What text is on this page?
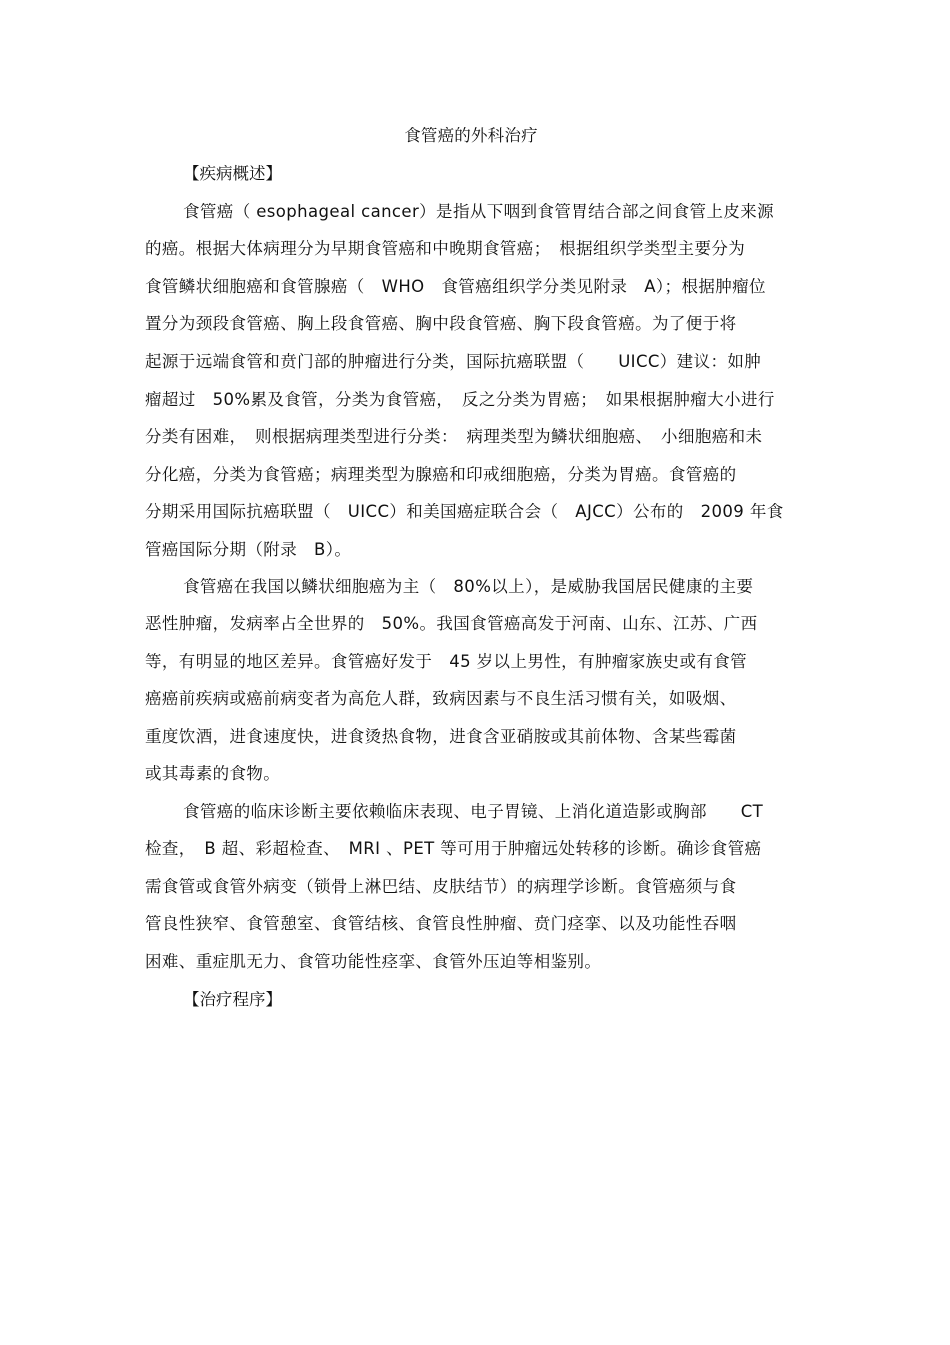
食管癌的外科治疗
【疾病概述】
食管癌（ esophageal cancer）是指从下咽到食管胃结合部之间食管上皮来源
的癌。根据大体病理分为早期食管癌和中晚期食管癌；　根据组织学类型主要分为
食管鳞状细胞癌和食管腺癌（　WHO　食管癌组织学分类见附录　A）；根据肿瘤位
置分为颈段食管癌、胸上段食管癌、胸中段食管癌、胸下段食管癌。为了便于将
起源于远端食管和贲门部的肿瘤进行分类，国际抗癌联盟（　　UICC）建议：如肿
瘤超过　50%累及食管，分类为食管癌，　反之分类为胃癌；　如果根据肿瘤大小进行
分类有困难，　则根据病理类型进行分类：　病理类型为鳞状细胞癌、　小细胞癌和未
分化癌，分类为食管癌；病理类型为腺癌和印戒细胞癌，分类为胃癌。食管癌的
分期采用国际抗癌联盟（　UICC）和美国癌症联合会（　AJCC）公布的　2009 年食
管癌国际分期（附录　B）。
食管癌在我国以鳞状细胞癌为主（　80%以上），是威胁我国居民健康的主要
恶性肿瘤，发病率占全世界的　50%。我国食管癌高发于河南、山东、江苏、广西
等，有明显的地区差异。食管癌好发于　45 岁以上男性，有肿瘤家族史或有食管
癌癌前疾病或癌前病变者为高危人群，致病因素与不良生活习惯有关，如吸烟、
重度饮酒，进食速度快，进食烫热食物，进食含亚硝胺或其前体物、含某些霉菌
或其毒素的食物。
食管癌的临床诊断主要依赖临床表现、电子胃镜、上消化道造影或胸部　　CT
检查，　B 超、彩超检查、　MRI 、PET 等可用于肿瘤远处转移的诊断。确诊食管癌
需食管或食管外病变（锁骨上淋巴结、皮肤结节）的病理学诊断。食管癌须与食
管良性狭窄、食管憩室、食管结核、食管良性肿瘤、贲门痉挛、以及功能性吞咽
困难、重症肌无力、食管功能性痉挛、食管外压迫等相鉴别。
【治疗程序】
